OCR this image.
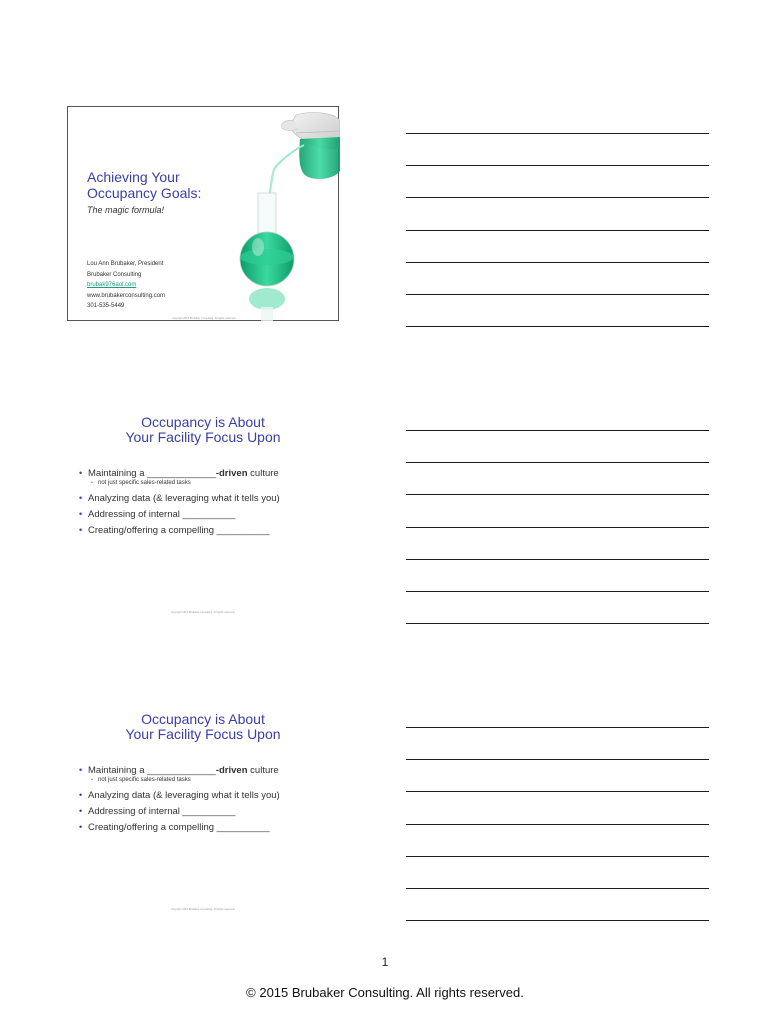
Achieving Your
Occupancy Goals:
The magic formula!
Lou Ann Brubaker, President
Brubaker Consulting
brubak976aol.com
www.brubakerconsulting.com
301-535-5449
copyright 2015 Brubaker Consulting. All rights reserved.
Occupancy is About
Your Facility Focus Upon
• Maintaining a _____________-driven culture
• not just specific sales-related tasks
• Analyzing data (& leveraging what it tells you)
• Addressing of internal __________
• Creating/offering a compelling __________
copyright 2015 Brubaker Consulting. All rights reserved.
Occupancy is About
Your Facility Focus Upon
• Maintaining a _____________-driven culture
• not just specific sales-related tasks
• Analyzing data (& leveraging what it tells you)
• Addressing of internal __________
• Creating/offering a compelling __________
copyright 2015 Brubaker Consulting. All rights reserved.
1
© 2015 Brubaker Consulting. All rights reserved.
